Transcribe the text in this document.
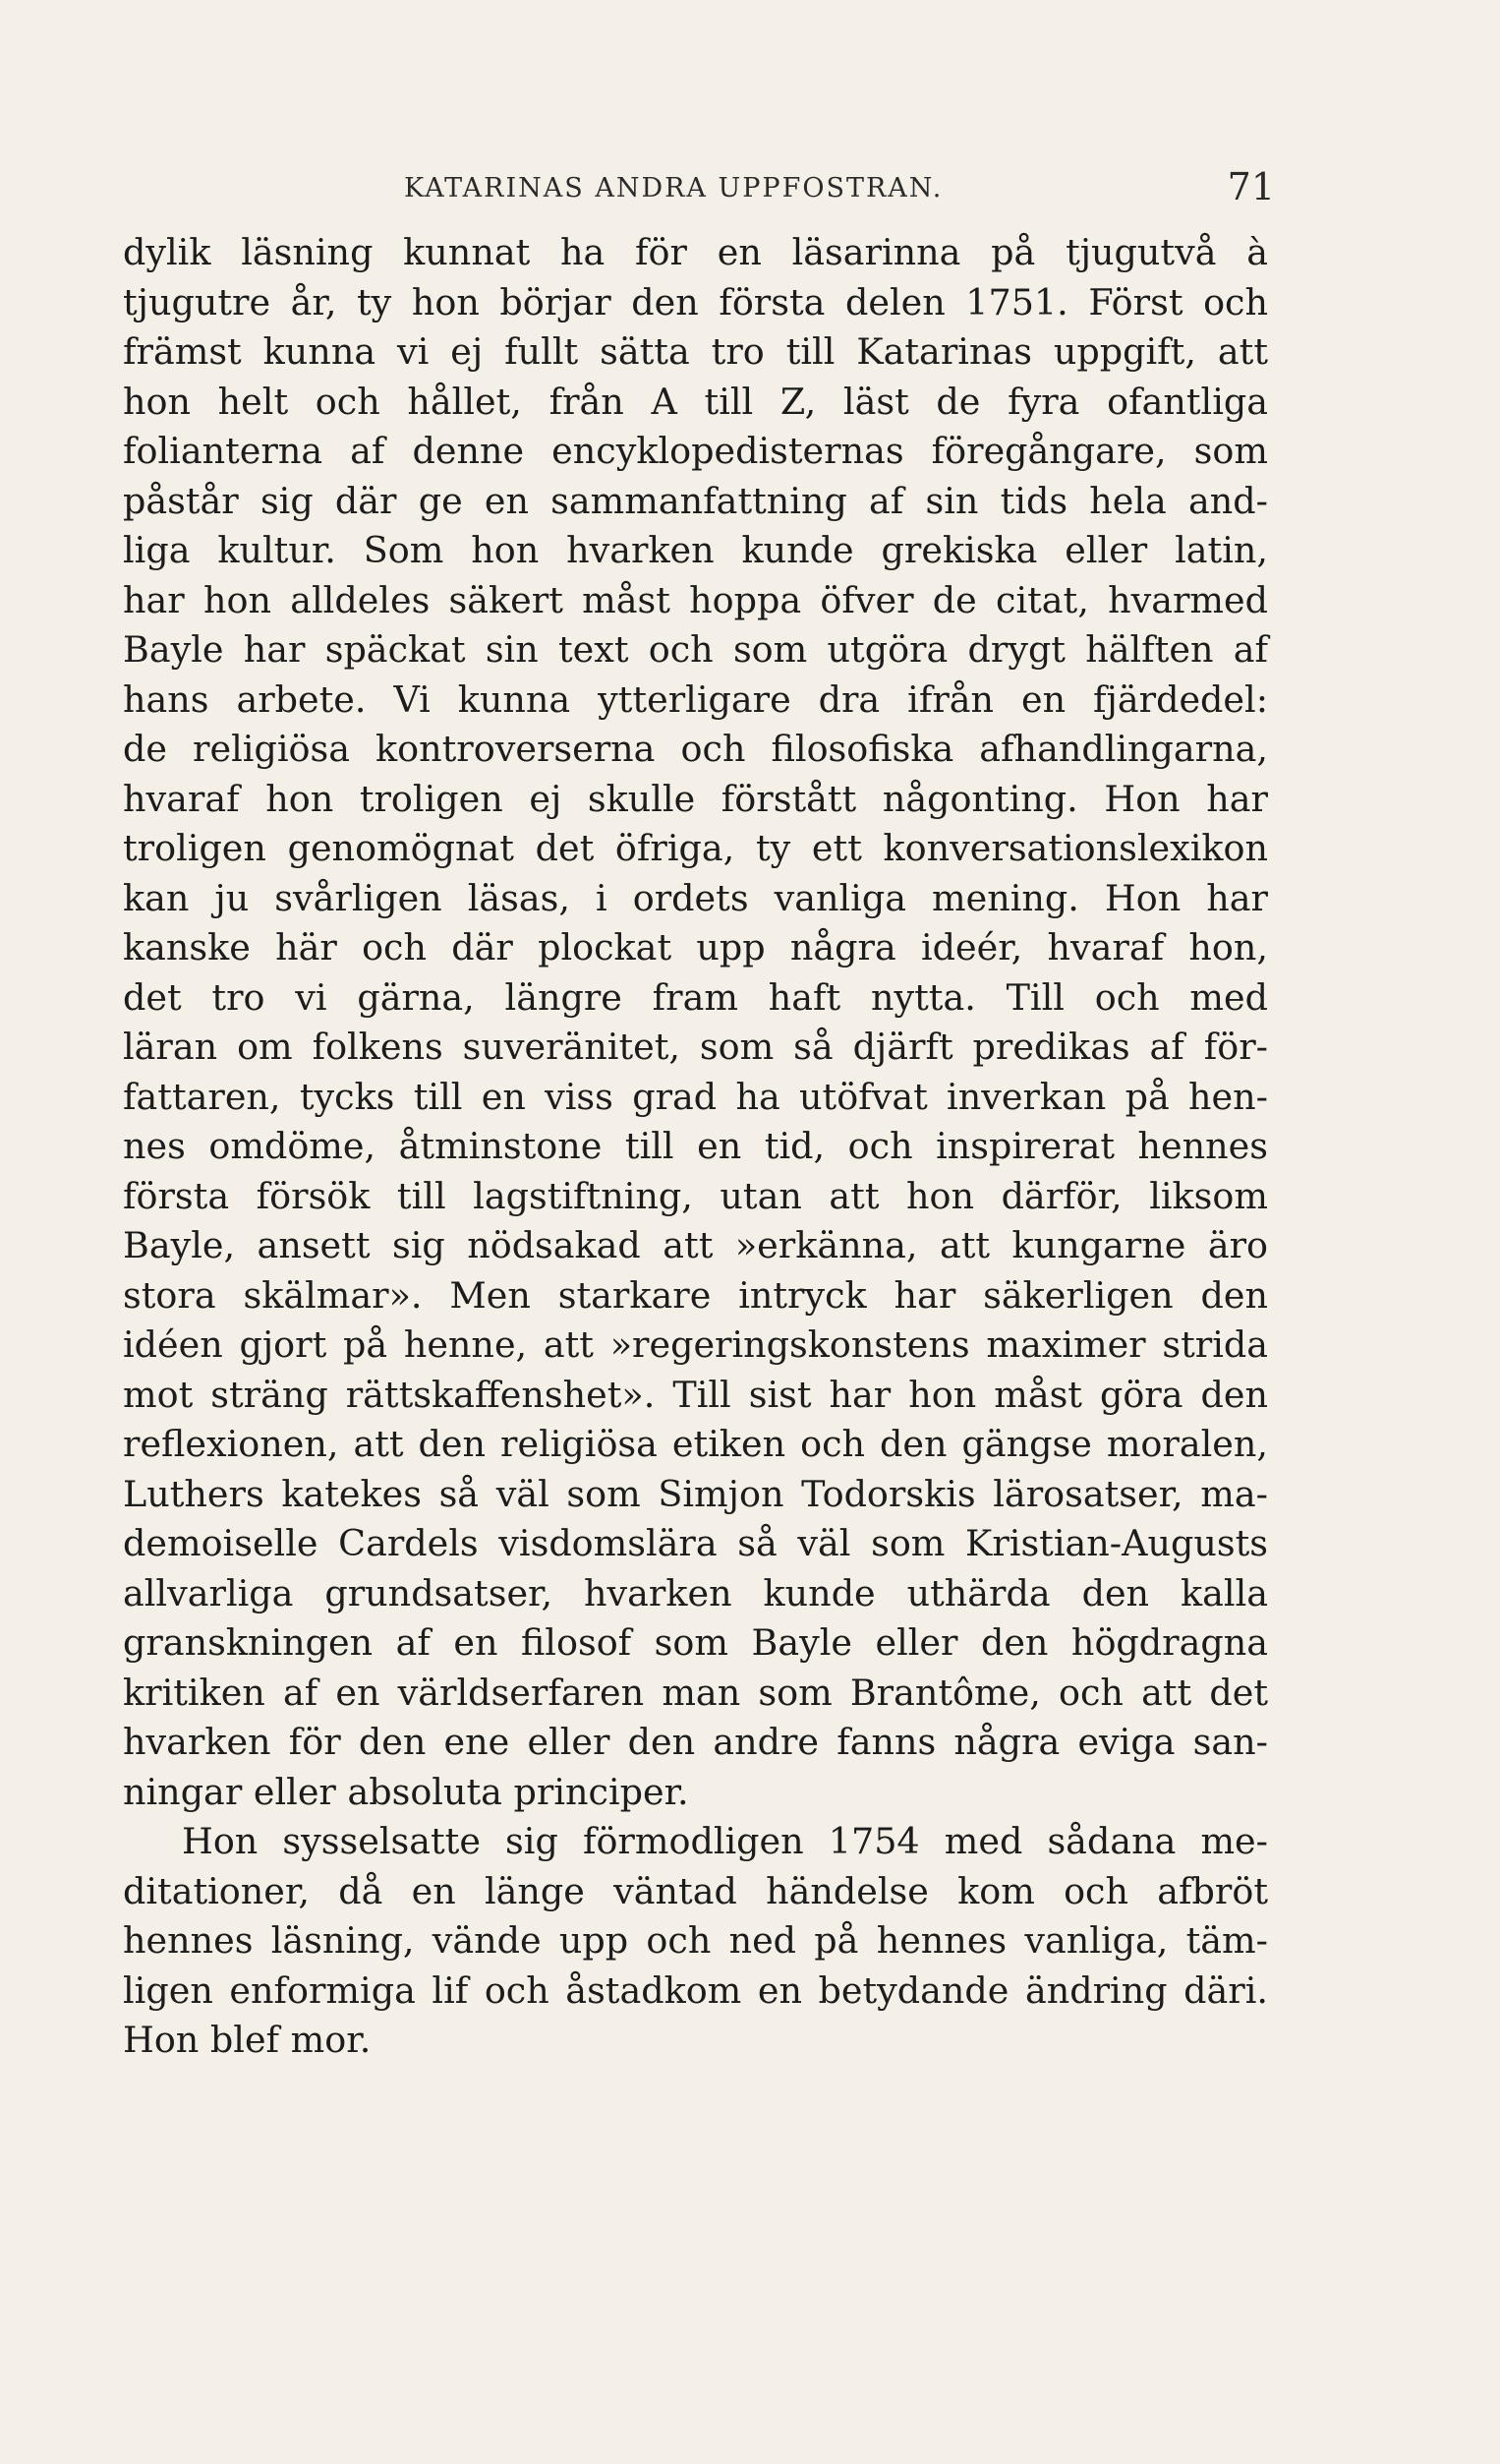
KATARINAS ANDRA UPPFOSTRAN.	71
dylik läsning kunnat ha för en läsarinna på tjugutvå à
tjugutre år, ty hon börjar den första delen 1751. Först och
främst kunna vi ej fullt sätta tro till Katarinas uppgift, att
hon helt och hållet, från A till Z, läst de fyra ofantliga
folianterna af denne encyklopedisternas föregångare, som
påstår sig där ge en sammanfattning af sin tids hela and-
liga kultur. Som hon hvarken kunde grekiska eller latin,
har hon alldeles säkert måst hoppa öfver de citat, hvarmed
Bayle har späckat sin text och som utgöra drygt hälften af
hans arbete. Vi kunna ytterligare dra ifrån en fjärdedel:
de religiösa kontroverserna och filosofiska afhandlingarna,
hvaraf hon troligen ej skulle förstått någonting. Hon har
troligen genomögnat det öfriga, ty ett konversationslexikon
kan ju svårligen läsas, i ordets vanliga mening. Hon har
kanske här och där plockat upp några ideér, hvaraf hon,
det tro vi gärna, längre fram haft nytta. Till och med
läran om folkens suveränitet, som så djärft predikas af för-
fattaren, tycks till en viss grad ha utöfvat inverkan på hen-
nes omdöme, åtminstone till en tid, och inspirerat hennes
första försök till lagstiftning, utan att hon därför, liksom
Bayle, ansett sig nödsakad att »erkänna, att kungarne äro
stora skälmar». Men starkare intryck har säkerligen den
idéen gjort på henne, att »regeringskonstens maximer strida
mot sträng rättskaffenshet». Till sist har hon måst göra den
reflexionen, att den religiösa etiken och den gängse moralen,
Luthers katekes så väl som Simjon Todorskis lärosatser, ma-
demoiselle Cardels visdomslära så väl som Kristian-Augusts
allvarliga grundsatser, hvarken kunde uthärda den kalla
granskningen af en filosof som Bayle eller den högdragna
kritiken af en världserfaren man som Brantôme, och att det
hvarken för den ene eller den andre fanns några eviga san-
ningar eller absoluta principer.
Hon sysselsatte sig förmodligen 1754 med sådana me-
ditationer, då en länge väntad händelse kom och afbröt
hennes läsning, vände upp och ned på hennes vanliga, täm-
ligen enformiga lif och åstadkom en betydande ändring däri.
Hon blef mor.
